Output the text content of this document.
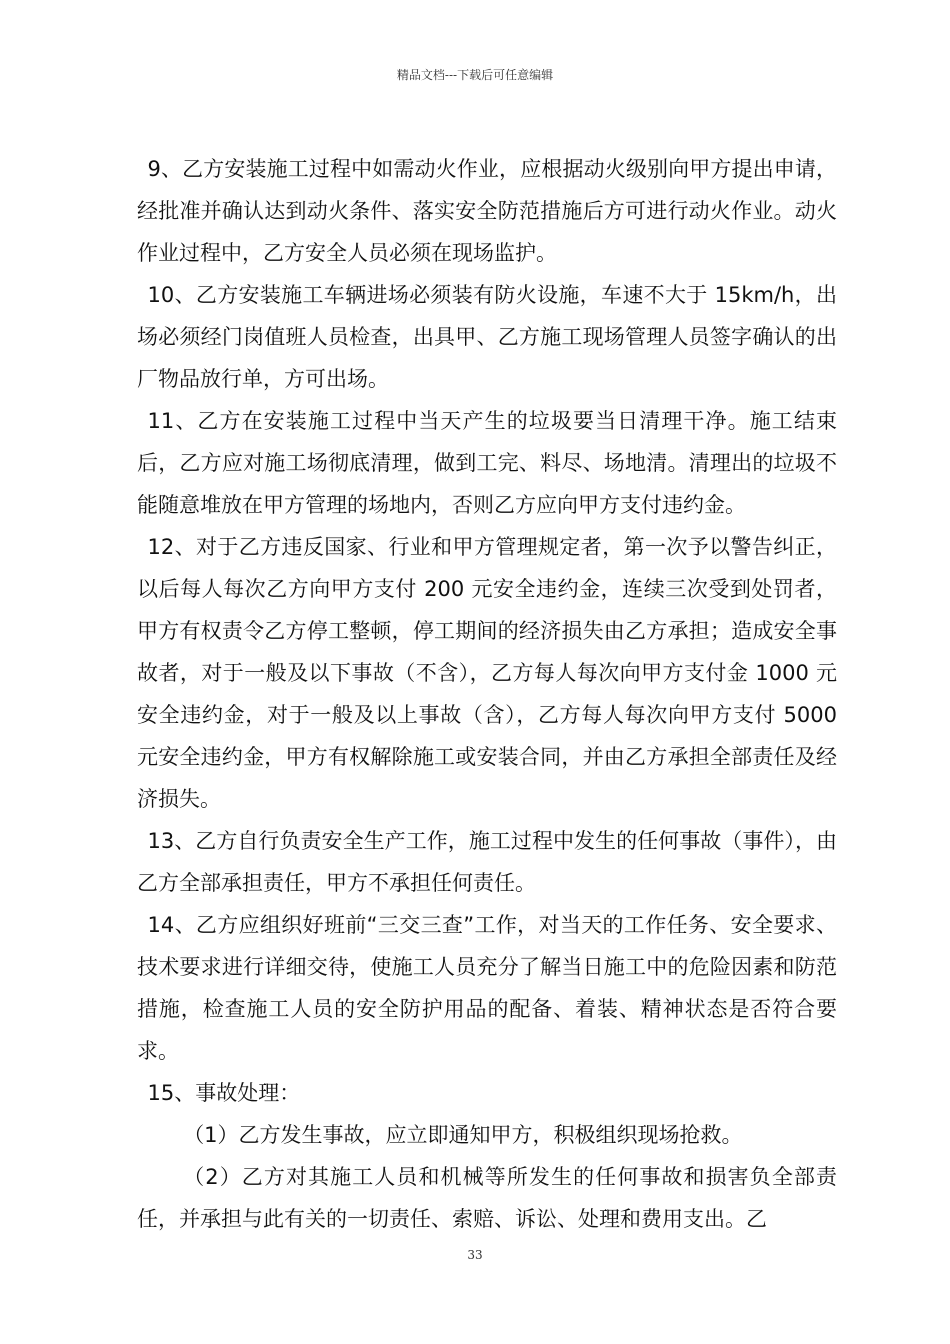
精品文档---下载后可任意编辑

9、乙方安装施工过程中如需动火作业，应根据动火级别向甲方提出申请，经批准并确认达到动火条件、落实安全防范措施后方可进行动火作业。动火作业过程中，乙方安全人员必须在现场监护。

10、乙方安装施工车辆进场必须装有防火设施，车速不大于 15km/h，出场必须经门岗值班人员检查，出具甲、乙方施工现场管理人员签字确认的出厂物品放行单，方可出场。

11、乙方在安装施工过程中当天产生的垃圾要当日清理干净。施工结束后，乙方应对施工场彻底清理，做到工完、料尽、场地清。清理出的垃圾不能随意堆放在甲方管理的场地内，否则乙方应向甲方支付违约金。

12、对于乙方违反国家、行业和甲方管理规定者，第一次予以警告纠正，以后每人每次乙方向甲方支付 200 元安全违约金，连续三次受到处罚者，甲方有权责令乙方停工整顿，停工期间的经济损失由乙方承担；造成安全事故者，对于一般及以下事故（不含），乙方每人每次向甲方支付金 1000 元安全违约金，对于一般及以上事故（含），乙方每人每次向甲方支付 5000 元安全违约金，甲方有权解除施工或安装合同，并由乙方承担全部责任及经济损失。

13、乙方自行负责安全生产工作，施工过程中发生的任何事故（事件），由乙方全部承担责任，甲方不承担任何责任。

14、乙方应组织好班前“三交三查”工作，对当天的工作任务、安全要求、技术要求进行详细交待，使施工人员充分了解当日施工中的危险因素和防范措施，检查施工人员的安全防护用品的配备、着装、精神状态是否符合要求。

15、事故处理：

（1）乙方发生事故，应立即通知甲方，积极组织现场抢救。

（2）乙方对其施工人员和机械等所发生的任何事故和损害负全部责任，并承担与此有关的一切责任、索赔、诉讼、处理和费用支出。乙

33
